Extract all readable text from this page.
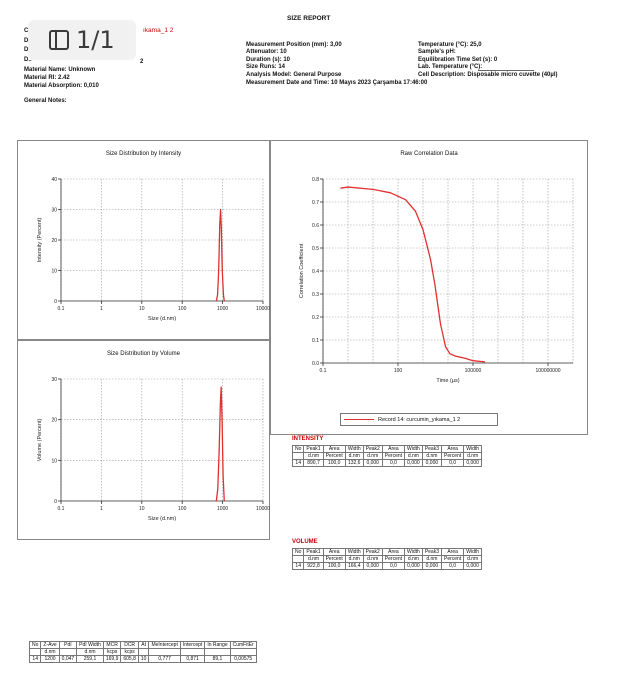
1/1
SIZE REPORT
ıkama_1 2
C
D
D
D..	2
Material Name: Unknown
Material RI: 2.42
Material Absorption: 0,010
General Notes:
Measurement Position (mm): 3,00
Attenuator: 10
Duration (s): 10
Size Runs: 14
Analysis Model: General Purpose
Measurement Date and Time: 10 Mayıs 2023 Çarşamba 17:46:00
Temperature (°C): 25,0
Sample's pH:
Equilibration Time Set (s): 0
Lab. Temperature (°C):
Cell Description: Disposable micro cuvette (40µl)
Size Distribution by Intensity
0
10
20
30
40
0.1	1	10	100	1000	10000
Size (d.nm)
Intensity (Percent)
Size Distribution by Volume
0
10
20
30
0.1	1	10	100	1000	10000
Size (d.nm)
Volume (Percent)
Raw Correlation Data
0.0
0.1
0.2
0.3
0.4
0.5
0.6
0.7
0.8
0.1	100	100000	100000000
Time (µs)
Correlation Coefficient
Record 14: curcumin_yıkama_1 2
INTENSITY
No	Peak1	Area	Width	Peak2	Area	Width	Peak3	Area	Width
	d.nm	Percent	d.nm	d.nm	Percent	d.nm	d.nm	Percent	d.nm
14	890,7	100,0	132,6	0,000	0,0	0,000	0,000	0,0	0,000
VOLUME
No	Peak1	Area	Width	Peak2	Area	Width	Peak3	Area	Width
	d.nm	Percent	d.nm	d.nm	Percent	d.nm	d.nm	Percent	d.nm
14	922,8	100,0	166,4	0,000	0,0	0,000	0,000	0,0	0,000
No	Z-Ave	PdI	PdI Width	MCR	DCR	At	MeIntercept	Intercept	In Range	CumFitEr
	d.nm		d.nm	kcps	kcps					
14	1200	0,047	259,1	169,9	605,8	10	0,777	0,871	89,1	0,00575
